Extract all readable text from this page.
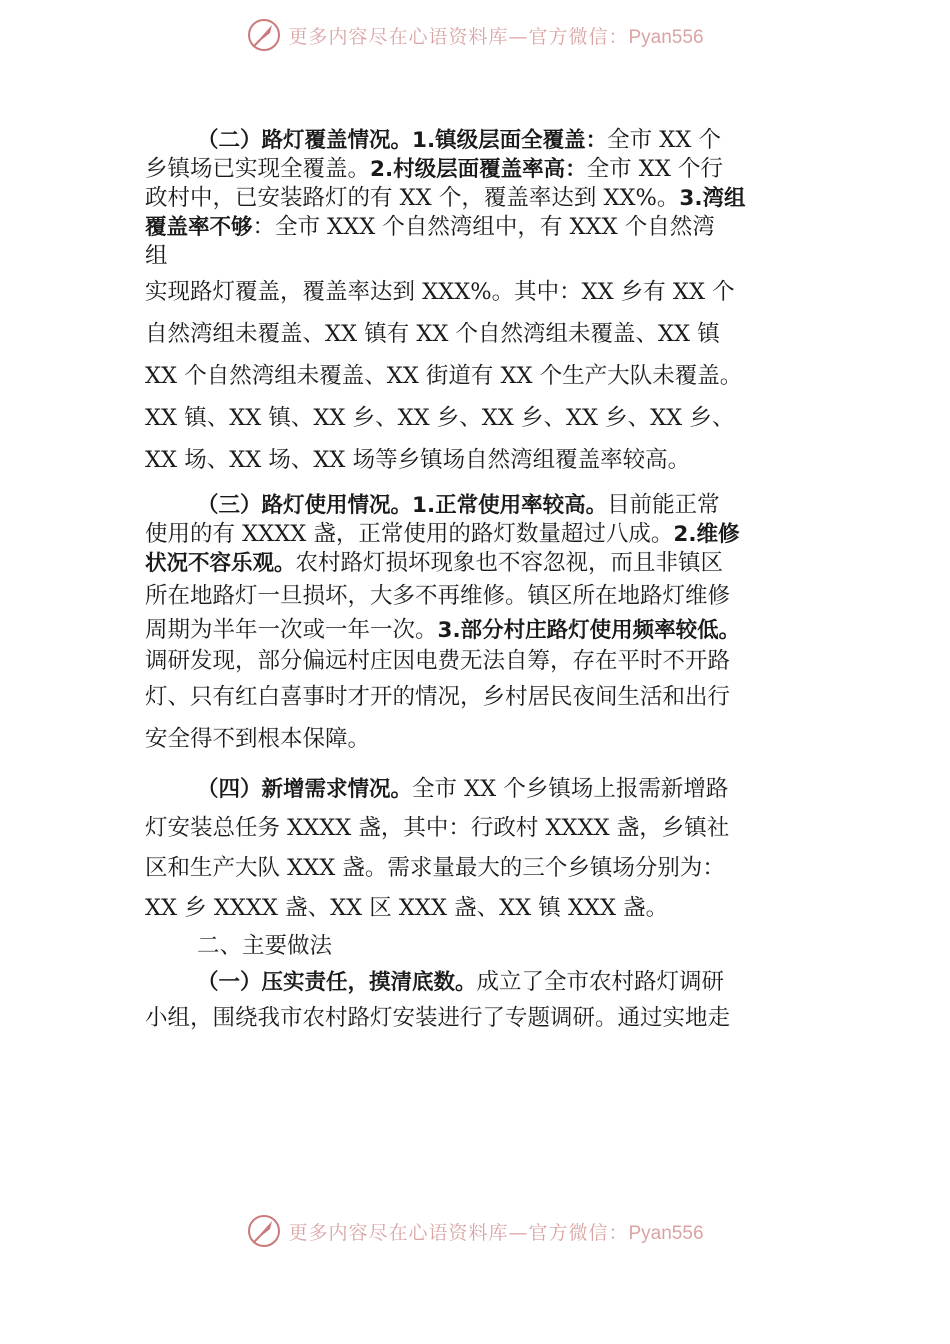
更多内容尽在心语资料库—官方微信：Pyan556
（二）路灯覆盖情况。1.镇级层面全覆盖：全市 XX 个
乡镇场已实现全覆盖。2.村级层面覆盖率高：全市 XX 个行
政村中，已安装路灯的有 XX 个，覆盖率达到 XX%。3.湾组
覆盖率不够：全市 XXX 个自然湾组中，有 XXX 个自然湾
组
实现路灯覆盖，覆盖率达到 XXX%。其中：XX 乡有 XX 个
自然湾组未覆盖、XX 镇有 XX 个自然湾组未覆盖、XX 镇
XX 个自然湾组未覆盖、XX 街道有 XX 个生产大队未覆盖。
XX 镇、XX 镇、XX 乡、XX 乡、XX 乡、XX 乡、XX 乡、
XX 场、XX 场、XX 场等乡镇场自然湾组覆盖率较高。
（三）路灯使用情况。1.正常使用率较高。目前能正常
使用的有 XXXX 盏，正常使用的路灯数量超过八成。2.维修
状况不容乐观。农村路灯损坏现象也不容忽视，而且非镇区
所在地路灯一旦损坏，大多不再维修。镇区所在地路灯维修
周期为半年一次或一年一次。3.部分村庄路灯使用频率较低。
调研发现，部分偏远村庄因电费无法自筹，存在平时不开路
灯、只有红白喜事时才开的情况，乡村居民夜间生活和出行
安全得不到根本保障。
（四）新增需求情况。全市 XX 个乡镇场上报需新增路
灯安装总任务 XXXX 盏，其中：行政村 XXXX 盏，乡镇社
区和生产大队 XXX 盏。需求量最大的三个乡镇场分别为：
XX 乡 XXXX 盏、XX 区 XXX 盏、XX 镇 XXX 盏。
二、主要做法
（一）压实责任，摸清底数。成立了全市农村路灯调研
小组，围绕我市农村路灯安装进行了专题调研。通过实地走
更多内容尽在心语资料库—官方微信：Pyan556
